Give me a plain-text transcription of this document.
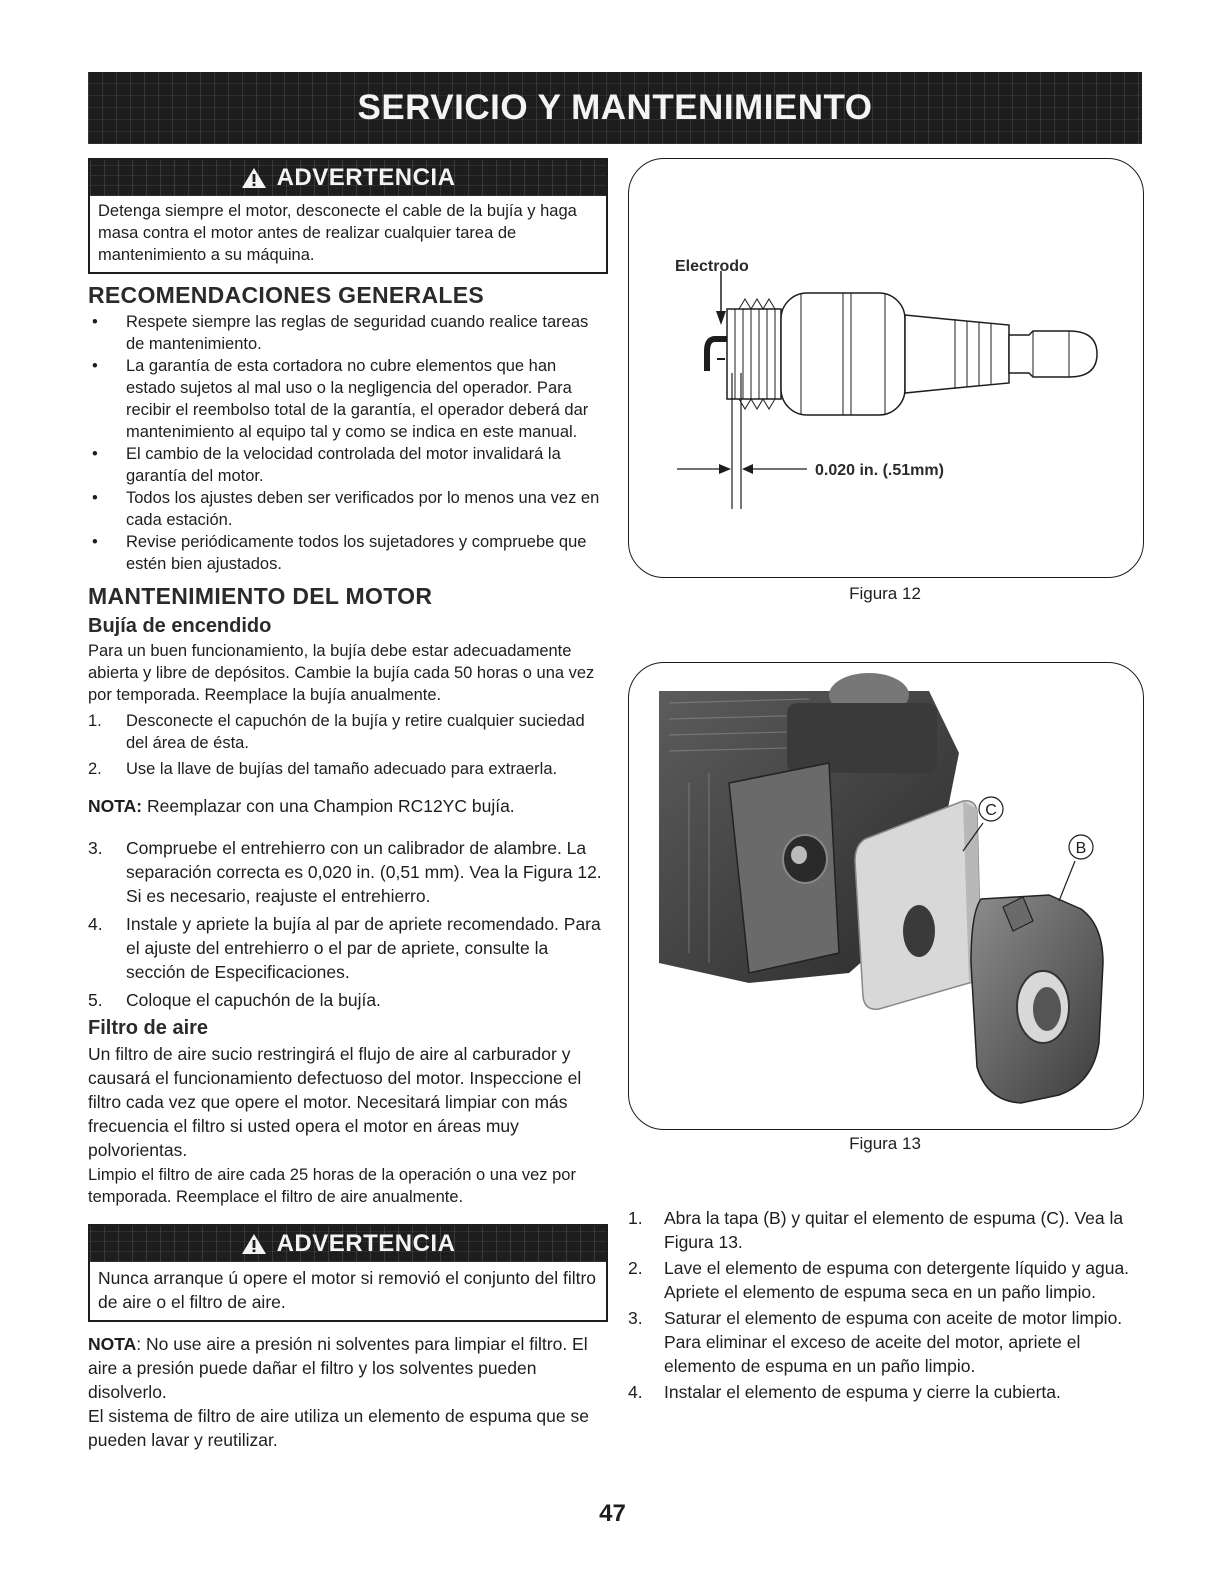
SERVICIO Y MANTENIMIENTO
ADVERTENCIA
Detenga siempre el motor, desconecte el cable de la bujía y haga masa contra el motor antes de realizar cualquier tarea de mantenimiento a su máquina.
RECOMENDACIONES GENERALES
• Respete siempre las reglas de seguridad cuando realice tareas de mantenimiento.
• La garantía de esta cortadora no cubre elementos que han estado sujetos al mal uso o la negligencia del operador. Para recibir el reembolso total de la garantía, el operador deberá dar mantenimiento al equipo tal y como se indica en este manual.
• El cambio de la velocidad controlada del motor invalidará la garantía del motor.
• Todos los ajustes deben ser verificados por lo menos una vez en cada estación.
• Revise periódicamente todos los sujetadores y compruebe que estén bien ajustados.
MANTENIMIENTO DEL MOTOR
Bujía de encendido

Para un buen funcionamiento, la bujía debe estar adecuadamente abierta y libre de depósitos. Cambie la bujía cada 50 horas o una vez por temporada. Reemplace la bujía anualmente.

1. Desconecte el capuchón de la bujía y retire cualquier suciedad del área de ésta.
2. Use la llave de bujías del tamaño adecuado para extraerla.

NOTA: Reemplazar con una Champion RC12YC bujía.

3. Compruebe el entrehierro con un calibrador de alambre. La separación correcta es 0,020 in. (0,51 mm). Vea la Figura 12. Si es necesario, reajuste el entrehierro.
4. Instale y apriete la bujía al par de apriete recomendado. Para el ajuste del entrehierro o el par de apriete, consulte la sección de Especificaciones.
5. Coloque el capuchón de la bujía.
Filtro de aire

Un filtro de aire sucio restringirá el flujo de aire al carburador y causará el funcionamiento defectuoso del motor. Inspeccione el filtro cada vez que opere el motor. Necesitará limpiar con más frecuencia el filtro si usted opera el motor en áreas muy polvorientas.

Limpio el filtro de aire cada 25 horas de la operación o una vez por temporada. Reemplace el filtro de aire anualmente.

ADVERTENCIA
Nunca arranque ú opere el motor si removió el conjunto del filtro de aire o el filtro de aire.

NOTA: No use aire a presión ni solventes para limpiar el filtro. El aire a presión puede dañar el filtro y los solventes pueden disolverlo.

El sistema de filtro de aire utiliza un elemento de espuma que se pueden lavar y reutilizar.

Electrodo
0.020 in. (.51mm)
Figura 12
C
B
Figura 13
1. Abra la tapa (B) y quitar el elemento de espuma (C). Vea la Figura 13.
2. Lave el elemento de espuma con detergente líquido y agua. Apriete el elemento de espuma seca en un paño limpio.
3. Saturar el elemento de espuma con aceite de motor limpio. Para eliminar el exceso de aceite del motor, apriete el elemento de espuma en un paño limpio.
4. Instalar el elemento de espuma y cierre la cubierta.
47
